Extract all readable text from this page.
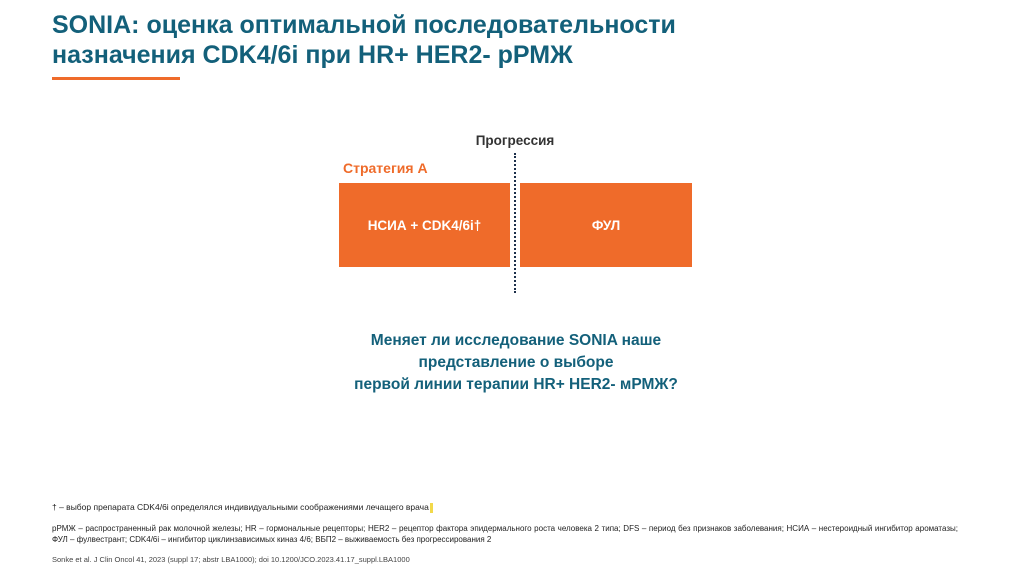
SONIA: оценка оптимальной последовательности
назначения CDK4/6i при HR+ HER2- рРМЖ
Прогрессия
Стратегия А
НСИА + CDK4/6i†	ФУЛ
Меняет ли исследование SONIA наше
представление о выборе
первой линии терапии HR+ HER2- мРМЖ?
† – выбор препарата CDK4/6i определялся индивидуальными соображениями лечащего врача
рРМЖ – распространенный рак молочной железы; HR – гормональные рецепторы; HER2 – рецептор фактора эпидермального роста человека 2 типа; DFS – период без признаков заболевания; НСИА – нестероидный ингибитор ароматазы; ФУЛ – фулвестрант; CDK4/6i – ингибитор циклинзависимых киназ 4/6; ВБП2 – выживаемость без прогрессирования 2
Sonke et al. J Clin Oncol 41, 2023 (suppl 17; abstr LBA1000); doi 10.1200/JCO.2023.41.17_suppl.LBA1000
